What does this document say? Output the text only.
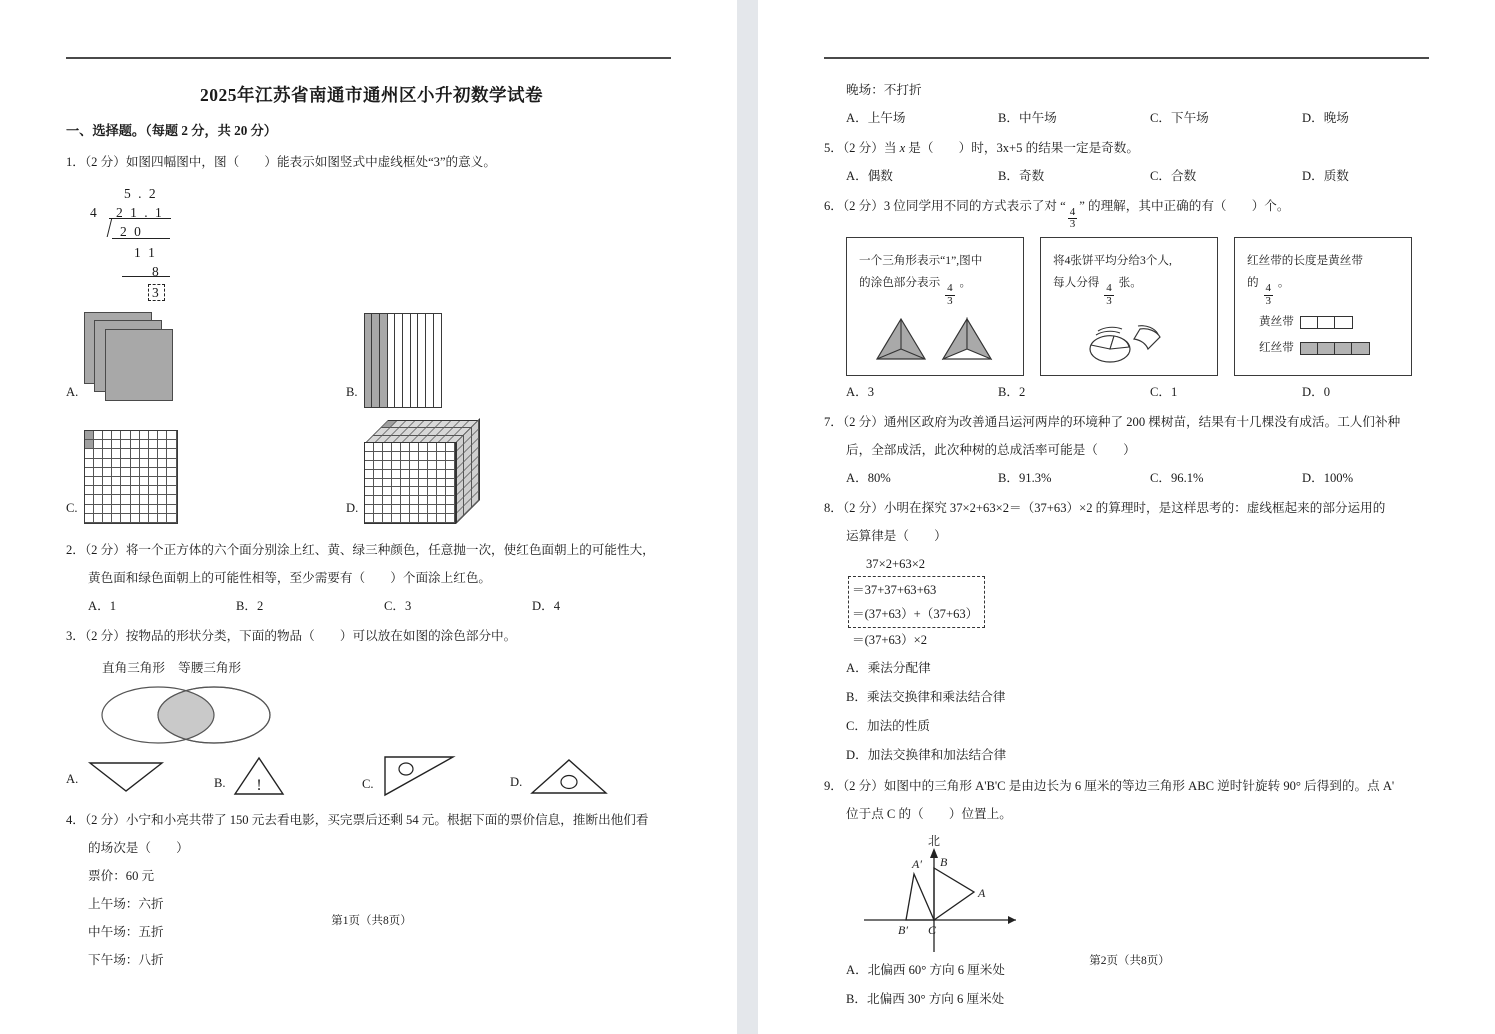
2025年江苏省南通市通州区小升初数学试卷
一、选择题。（每题 2 分，共 20 分）
1．（2 分）如图四幅图中，图（　　）能表示如图竖式中虚线框处“3”的意义。
5 . 2
4 2 1 . 1
2 0
1 1
8
3
A.	B.
C.	D.
2．（2 分）将一个正方体的六个面分别涂上红、黄、绿三种颜色，任意抛一次，使红色面朝上的可能性大，
黄色面和绿色面朝上的可能性相等，至少需要有（　　）个面涂上红色。
A．1	B．2	C．3	D．4
3．（2 分）按物品的形状分类，下面的物品（　　）可以放在如图的涂色部分中。
直角三角形 等腰三角形
A.	B. !	C.	D.
4．（2 分）小宁和小亮共带了 150 元去看电影，买完票后还剩 54 元。根据下面的票价信息，推断出他们看
的场次是（　　）
票价：60 元
上午场：六折
中午场：五折
下午场：八折
第1页（共8页）
晚场：不打折
A．上午场	B．中午场	C．下午场	D．晚场
5．（2 分）当 x 是（　　）时，3x+5 的结果一定是奇数。
A．偶数	B．奇数	C．合数	D．质数
6．（2 分）3 位同学用不同的方式表示了对 “
$\frac{4}{3}$
” 的理解，其中正确的有（　　）个。
一个三角形表示“1”,图中
的涂色部分表示
$\frac{4}{3}$
。
将4张饼平均分给3个人,
每人分得
$\frac{4}{3}$
张。
红丝带的长度是黄丝带
的
$\frac{4}{3}$
。
黄丝带
红丝带
A．3	B．2	C．1	D．0
7．（2 分）通州区政府为改善通吕运河两岸的环境种了 200 棵树苗，结果有十几棵没有成活。工人们补种
后，全部成活，此次种树的总成活率可能是（　　）
A．80%	B．91.3%	C．96.1%	D．100%
8．（2 分）小明在探究 37×2+63×2＝（37+63）×2 的算理时，是这样思考的：虚线框起来的部分运用的
运算律是（　　）
37×2+63×2
＝37+37+63+63
＝(37+63）+（37+63）
＝(37+63）×2
A．乘法分配律
B．乘法交换律和乘法结合律
C．加法的性质
D．加法交换律和加法结合律
9．（2 分）如图中的三角形 A'B'C 是由边长为 6 厘米的等边三角形 ABC 逆时针旋转 90° 后得到的。点 A'
位于点 C 的（　　）位置上。
北
A′ B
A
B′ C
A．北偏西 60° 方向 6 厘米处
B．北偏西 30° 方向 6 厘米处
第2页（共8页）
